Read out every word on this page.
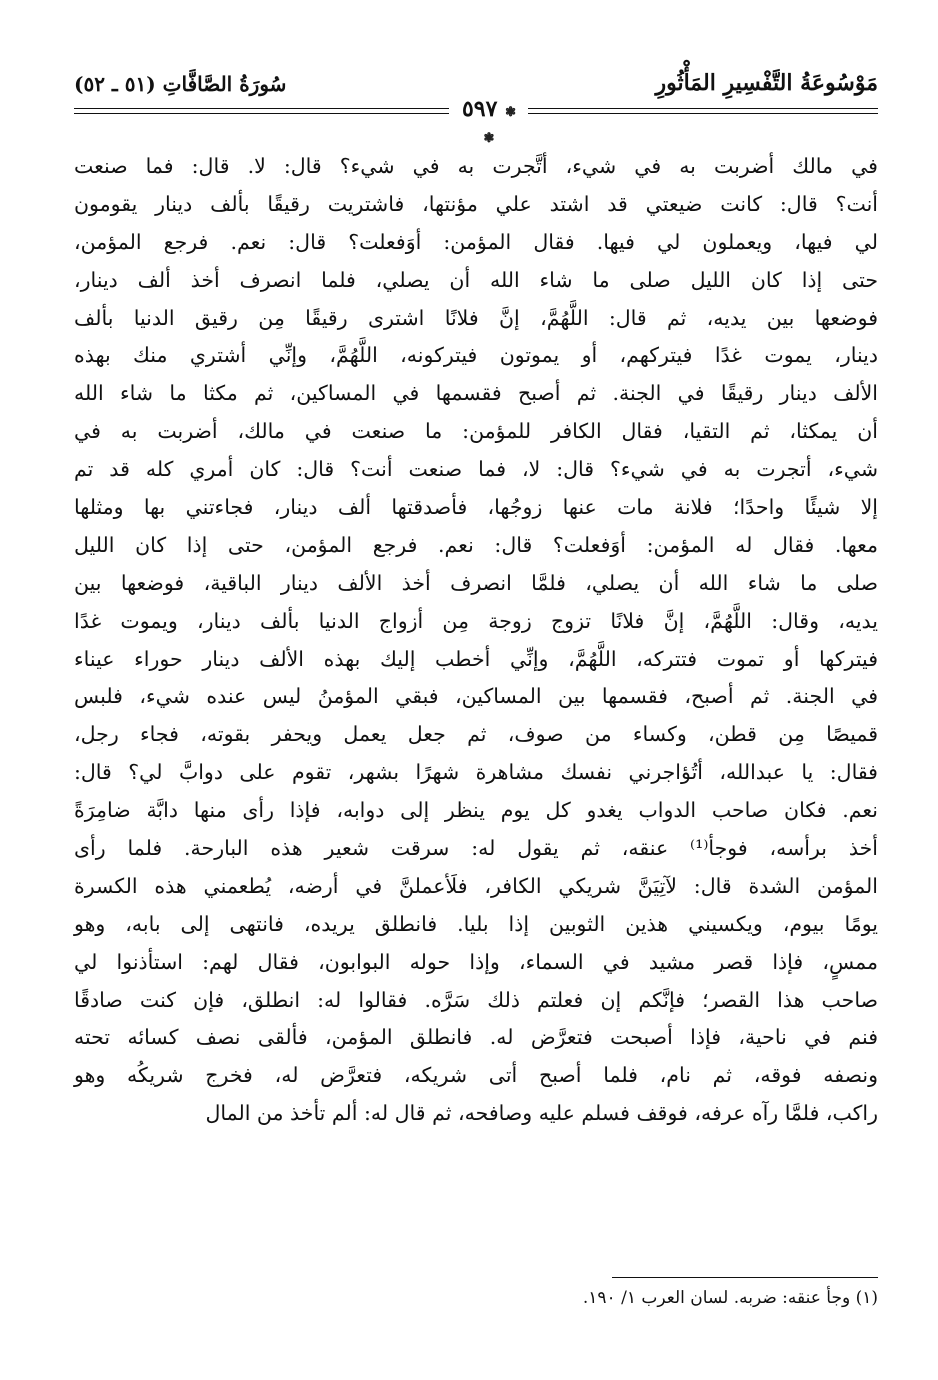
مَوْسُوعَةُ التَّفْسِيرِ المَأْثُورِ
سُورَةُ الصَّافَّاتِ (٥١ ـ ٥٢)
❃ ٥٩٧ ❃
في مالك أضربت به في شيء، أتَّجرت به في شيء؟ قال: لا. قال: فما صنعت
أنت؟ قال: كانت ضيعتي قد اشتد علي مؤنتها، فاشتريت رقيقًا بألف دينار يقومون
لي فيها، ويعملون لي فيها. فقال المؤمن: أوَفعلت؟ قال: نعم. فرجع المؤمن،
حتى إذا كان الليل صلى ما شاء الله أن يصلي، فلما انصرف أخذ ألف دينار،
فوضعها بين يديه، ثم قال: اللَّهُمَّ، إنَّ فلانًا اشترى رقيقًا مِن رقيق الدنيا بألف
دينار، يموت غدًا فيتركهم، أو يموتون فيتركونه، اللَّهُمَّ، وإنِّي أشتري منك بهذه
الألف دينار رقيقًا في الجنة. ثم أصبح فقسمها في المساكين، ثم مكثا ما شاء الله
أن يمكثا، ثم التقيا، فقال الكافر للمؤمن: ما صنعت في مالك، أضربت به في
شيء، أتجرت به في شيء؟ قال: لا، فما صنعت أنت؟ قال: كان أمري كله قد تم
إلا شيئًا واحدًا؛ فلانة مات عنها زوجُها، فأصدقتها ألف دينار، فجاءتني بها ومثلها
معها. فقال له المؤمن: أوَفعلت؟ قال: نعم. فرجع المؤمن، حتى إذا كان الليل
صلى ما شاء الله أن يصلي، فلمَّا انصرف أخذ الألف دينار الباقية، فوضعها بين
يديه، وقال: اللَّهُمَّ، إنَّ فلانًا تزوج زوجة مِن أزواج الدنيا بألف دينار، ويموت غدًا
فيتركها أو تموت فتتركه، اللَّهُمَّ، وإنِّي أخطب إليك بهذه الألف دينار حوراء عيناء
في الجنة. ثم أصبح، فقسمها بين المساكين، فبقي المؤمنُ ليس عنده شيء، فلبس
قميصًا مِن قطن، وكساء من صوف، ثم جعل يعمل ويحفر بقوته، فجاء رجل،
فقال: يا عبدالله، أتُؤاجرني نفسك مشاهرة شهرًا بشهر، تقوم على دوابَّ لي؟ قال:
نعم. فكان صاحب الدواب يغدو كل يوم ينظر إلى دوابه، فإذا رأى منها دابَّة ضامِرَةً
أخذ برأسه، فوجأ⁽¹⁾ عنقه، ثم يقول له: سرقت شعير هذه البارحة. فلما رأى
المؤمن الشدة قال: لآتِيَنَّ شريكي الكافر، فلَأعملنَّ في أرضه، يُطعمني هذه الكسرة
يومًا بيوم، ويكسيني هذين الثوبين إذا بليا. فانطلق يريده، فانتهى إلى بابه، وهو
ممسٍ، فإذا قصر مشيد في السماء، وإذا حوله البوابون، فقال لهم: استأذنوا لي
صاحب هذا القصر؛ فإنَّكم إن فعلتم ذلك سَرَّه. فقالوا له: انطلق، فإن كنت صادقًا
فنم في ناحية، فإذا أصبحت فتعرَّض له. فانطلق المؤمن، فألقى نصف كسائه تحته
ونصفه فوقه، ثم نام، فلما أصبح أتى شريكه، فتعرَّض له، فخرج شريكُه وهو
راكب، فلمَّا رآه عرفه، فوقف فسلم عليه وصافحه، ثم قال له: ألم تأخذ من المال
(١) وجأ عنقه: ضربه. لسان العرب ١/ ١٩٠.
